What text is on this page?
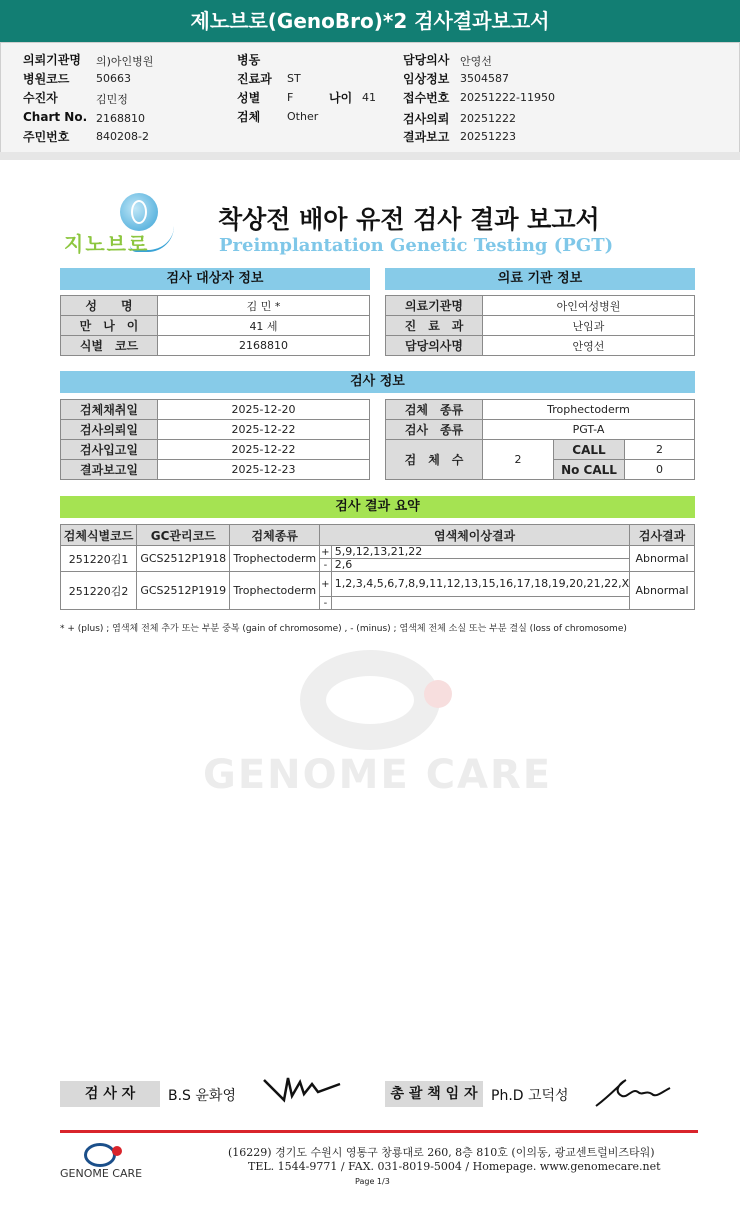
제노브로(GenoBro)*2 검사결과보고서
의뢰기관명 의)아인병원
병원코드 50663
수진자	김민정
Chart No. 2168810
주민번호 840208-2
병동
진료과 ST
성별 F
검체 Other
나이 41
담당의사 안영선
임상정보 3504587
접수번호 20251222-11950
검사의뢰 20251222
결과보고 20251223
지노브로
착상전 배아 유전 검사 결과 보고서
Preimplantation Genetic Testing (PGT)
검사 대상자 정보
성　　명	김 민 *
만　나　이	41 세
식별　코드	2168810
의료 기관 정보
의료기관명	아인여성병원
진　료　과	난임과
담당의사명	안영선
검사 정보
검체채취일	2025-12-20
검사의뢰일	2025-12-22
검사입고일	2025-12-22
결과보고일	2025-12-23
검체　종류	Trophectoderm		
검사　종류	PGT-A		
검　체　수	2	CALL	2
		No CALL	0
검사 결과 요약
검체식별코드	GC관리코드	검체종류	염색체이상결과		검사결과
251220김1	GCS2512P1918	Trophectoderm	+	5,9,12,13,21,22	Abnormal
			-	2,6	
251220김2	GCS2512P1919	Trophectoderm	+	1,2,3,4,5,6,7,8,9,11,12,13,15,16,17,18,19,20,21,22,X	Abnormal
			-		
* + (plus) ; 염색체 전체 추가 또는 부분 중복 (gain of chromosome) , - (minus) ; 염색체 전체 소실 또는 부분 결실 (loss of chromosome)
GENOME CARE
검 사 자	B.S 윤화영	총 괄 책 임 자 Ph.D 고덕성
GENOME CARE
(16229) 경기도 수원시 영통구 창룡대로 260, 8층 810호 (이의동, 광교센트럴비즈타워)
TEL. 1544-9771 / FAX. 031-8019-5004 / Homepage. www.genomecare.net
Page 1/3
